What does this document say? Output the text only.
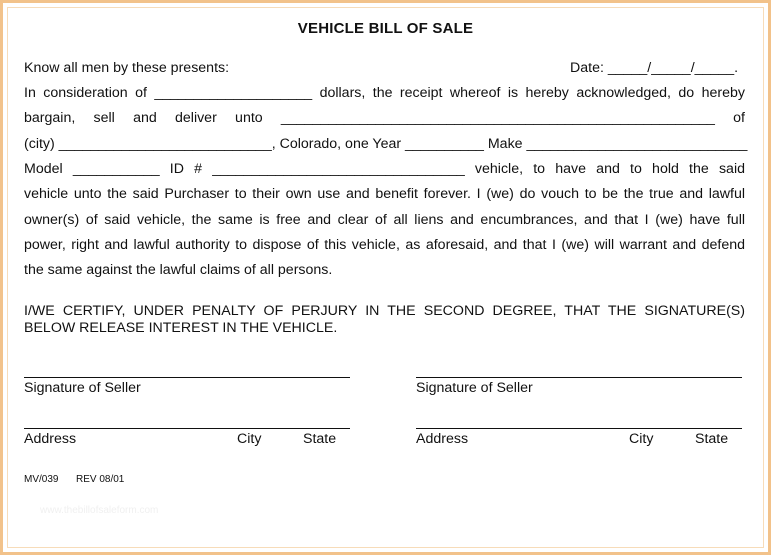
VEHICLE BILL OF SALE
Know all men by these presents:	Date: _____/_____/_____.
In consideration of ____________________ dollars, the receipt whereof is hereby acknowledged, do hereby
bargain, sell and deliver unto _______________________________________________________ of
(city) ___________________________, Colorado, one Year __________ Make ____________________________
Model ___________ ID # ________________________________ vehicle, to have and to hold the said
vehicle unto the said Purchaser to their own use and benefit forever. I (we) do vouch to be the true and lawful
owner(s) of said vehicle, the same is free and clear of all liens and encumbrances, and that I (we) have full
power, right and lawful authority to dispose of this vehicle, as aforesaid, and that I (we) will warrant and defend
the same against the lawful claims of all persons.
I/WE CERTIFY, UNDER PENALTY OF PERJURY IN THE SECOND DEGREE, THAT THE SIGNATURE(S) BELOW RELEASE INTEREST IN THE VEHICLE.
Signature of Seller
Address	City	State
Signature of Seller
Address	City	State
MV/039 REV 08/01
www.thebillofsaleform.com
